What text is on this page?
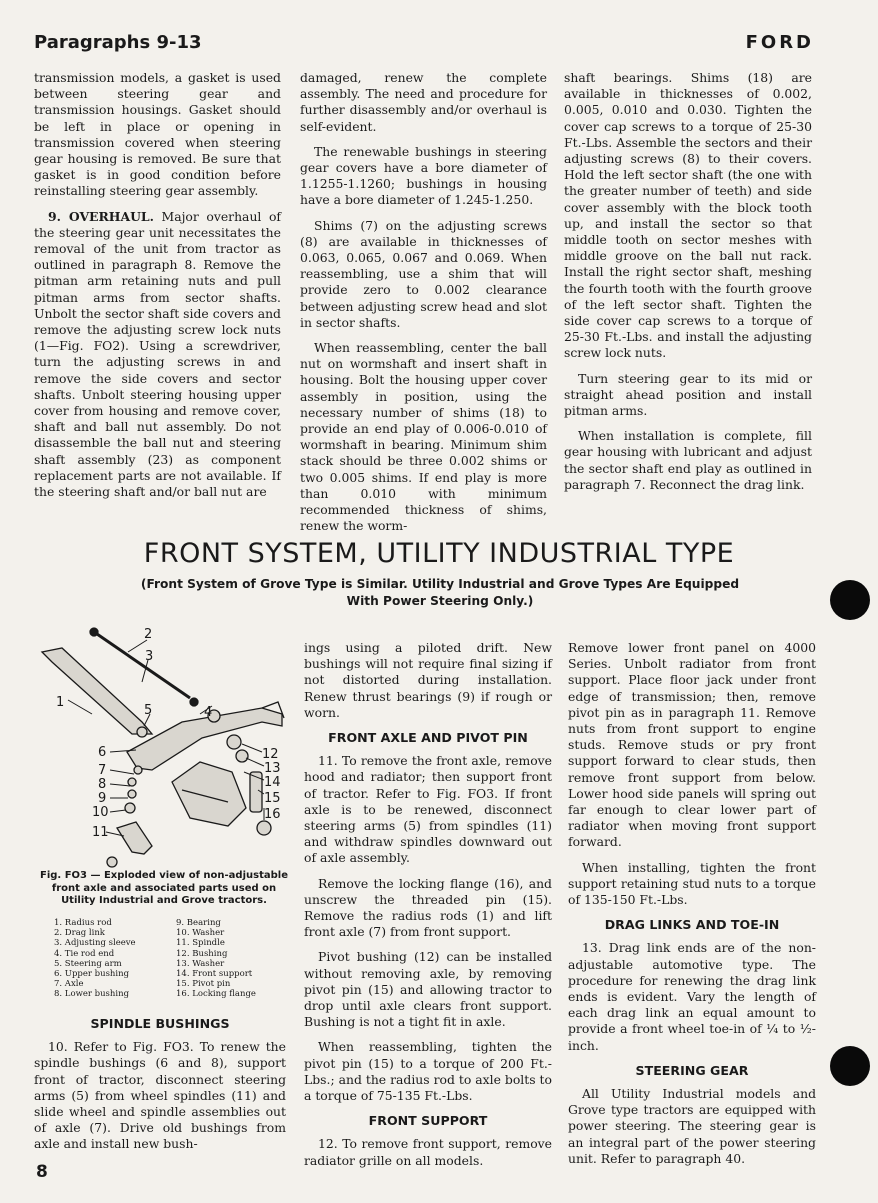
Paragraphs 9-13	FORD

transmission models, a gasket is used between steering gear and transmission housings. Gasket should be left in place or opening in transmission covered when steering gear housing is removed. Be sure that gasket is in good condition before reinstalling steering gear assembly.

9. OVERHAUL. Major overhaul of the steering gear unit necessitates the removal of the unit from tractor as outlined in paragraph 8. Remove the pitman arm retaining nuts and pull pitman arms from sector shafts. Unbolt the sector shaft side covers and remove the adjusting screw lock nuts (1—Fig. FO2). Using a screwdriver, turn the adjusting screws in and remove the side covers and sector shafts. Unbolt steering housing upper cover from housing and remove cover, shaft and ball nut assembly. Do not disassemble the ball nut and steering shaft assembly (23) as component replacement parts are not available. If the steering shaft and/or ball nut are

damaged, renew the complete assembly. The need and procedure for further disassembly and/or overhaul is self-evident.

The renewable bushings in steering gear covers have a bore diameter of 1.1255-1.1260; bushings in housing have a bore diameter of 1.245-1.250.

Shims (7) on the adjusting screws (8) are available in thicknesses of 0.063, 0.065, 0.067 and 0.069. When reassembling, use a shim that will provide zero to 0.002 clearance between adjusting screw head and slot in sector shafts.

When reassembling, center the ball nut on wormshaft and insert shaft in housing. Bolt the housing upper cover assembly in position, using the necessary number of shims (18) to provide an end play of 0.006-0.010 of wormshaft in bearing. Minimum shim stack should be three 0.002 shims or two 0.005 shims. If end play is more than 0.010 with minimum recommended thickness of shims, renew the worm-

shaft bearings. Shims (18) are available in thicknesses of 0.002, 0.005, 0.010 and 0.030. Tighten the cover cap screws to a torque of 25-30 Ft.-Lbs. Assemble the sectors and their adjusting screws (8) to their covers. Hold the left sector shaft (the one with the greater number of teeth) and side cover assembly with the block tooth up, and install the sector so that middle tooth on sector meshes with middle groove on the ball nut rack. Install the right sector shaft, meshing the fourth tooth with the fourth groove of the left sector shaft. Tighten the side cover cap screws to a torque of 25-30 Ft.-Lbs. and install the adjusting screw lock nuts.

Turn steering gear to its mid or straight ahead position and install pitman arms.

When installation is complete, fill gear housing with lubricant and adjust the sector shaft end play as outlined in paragraph 7. Reconnect the drag link.

FRONT SYSTEM, UTILITY INDUSTRIAL TYPE
(Front System of Grove Type is Similar. Utility Industrial and Grove Types Are Equipped With Power Steering Only.)
1
2
3
4
5
6
7
8
9
10
11
12
13
14
15
16
Fig. FO3 — Exploded view of non-adjustable front axle and associated parts used on Utility Industrial and Grove tractors.
1. Radius rod
2. Drag link
3. Adjusting sleeve
4. Tie rod end
5. Steering arm
6. Upper bushing
7. Axle
8. Lower bushing
9. Bearing
10. Washer
11. Spindle
12. Bushing
13. Washer
14. Front support
15. Pivot pin
16. Locking flange
SPINDLE BUSHINGS

10. Refer to Fig. FO3. To renew the spindle bushings (6 and 8), support front of tractor, disconnect steering arms (5) from wheel spindles (11) and slide wheel and spindle assemblies out of axle (7). Drive old bushings from axle and install new bush-

ings using a piloted drift. New bushings will not require final sizing if not distorted during installation. Renew thrust bearings (9) if rough or worn.

FRONT AXLE AND PIVOT PIN

11. To remove the front axle, remove hood and radiator; then support front of tractor. Refer to Fig. FO3. If front axle is to be renewed, disconnect steering arms (5) from spindles (11) and withdraw spindles downward out of axle assembly.

Remove the locking flange (16), and unscrew the threaded pin (15). Remove the radius rods (1) and lift front axle (7) from front support.

Pivot bushing (12) can be installed without removing axle, by removing pivot pin (15) and allowing tractor to drop until axle clears front support. Bushing is not a tight fit in axle.

When reassembling, tighten the pivot pin (15) to a torque of 200 Ft.-Lbs.; and the radius rod to axle bolts to a torque of 75-135 Ft.-Lbs.

FRONT SUPPORT

12. To remove front support, remove radiator grille on all models.

Remove lower front panel on 4000 Series. Unbolt radiator from front support. Place floor jack under front edge of transmission; then, remove pivot pin as in paragraph 11. Remove nuts from front support to engine studs. Remove studs or pry front support forward to clear studs, then remove front support from below. Lower hood side panels will spring out far enough to clear lower part of radiator when moving front support forward.

When installing, tighten the front support retaining stud nuts to a torque of 135-150 Ft.-Lbs.

DRAG LINKS AND TOE-IN

13. Drag link ends are of the non-adjustable automotive type. The procedure for renewing the drag link ends is evident. Vary the length of each drag link an equal amount to provide a front wheel toe-in of ¼ to ½-inch.

STEERING GEAR

All Utility Industrial models and Grove type tractors are equipped with power steering. The steering gear is an integral part of the power steering unit. Refer to paragraph 40.

8
